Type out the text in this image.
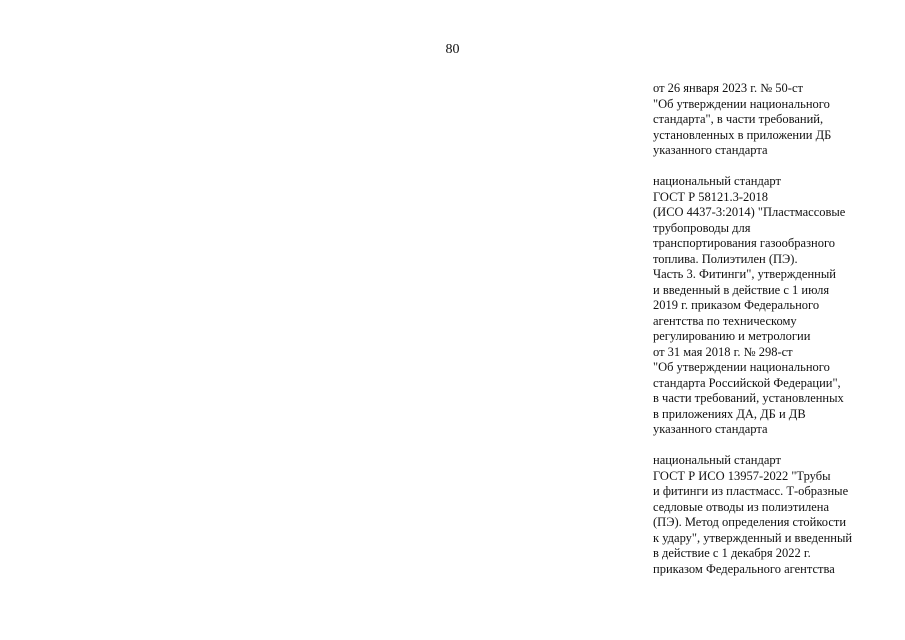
80
от 26 января 2023 г. № 50-ст
"Об утверждении национального
стандарта", в части требований,
установленных в приложении ДБ
указанного стандарта
национальный стандарт
ГОСТ Р 58121.3-2018
(ИСО 4437-3:2014) "Пластмассовые
трубопроводы для
транспортирования газообразного
топлива. Полиэтилен (ПЭ).
Часть 3. Фитинги", утвержденный
и введенный в действие с 1 июля
2019 г. приказом Федерального
агентства по техническому
регулированию и метрологии
от 31 мая 2018 г. № 298-ст
"Об утверждении национального
стандарта Российской Федерации",
в части требований, установленных
в приложениях ДА, ДБ и ДВ
указанного стандарта
национальный стандарт
ГОСТ Р ИСО 13957-2022 "Трубы
и фитинги из пластмасс. Т-образные
седловые отводы из полиэтилена
(ПЭ). Метод определения стойкости
к удару", утвержденный и введенный
в действие с 1 декабря 2022 г.
приказом Федерального агентства
